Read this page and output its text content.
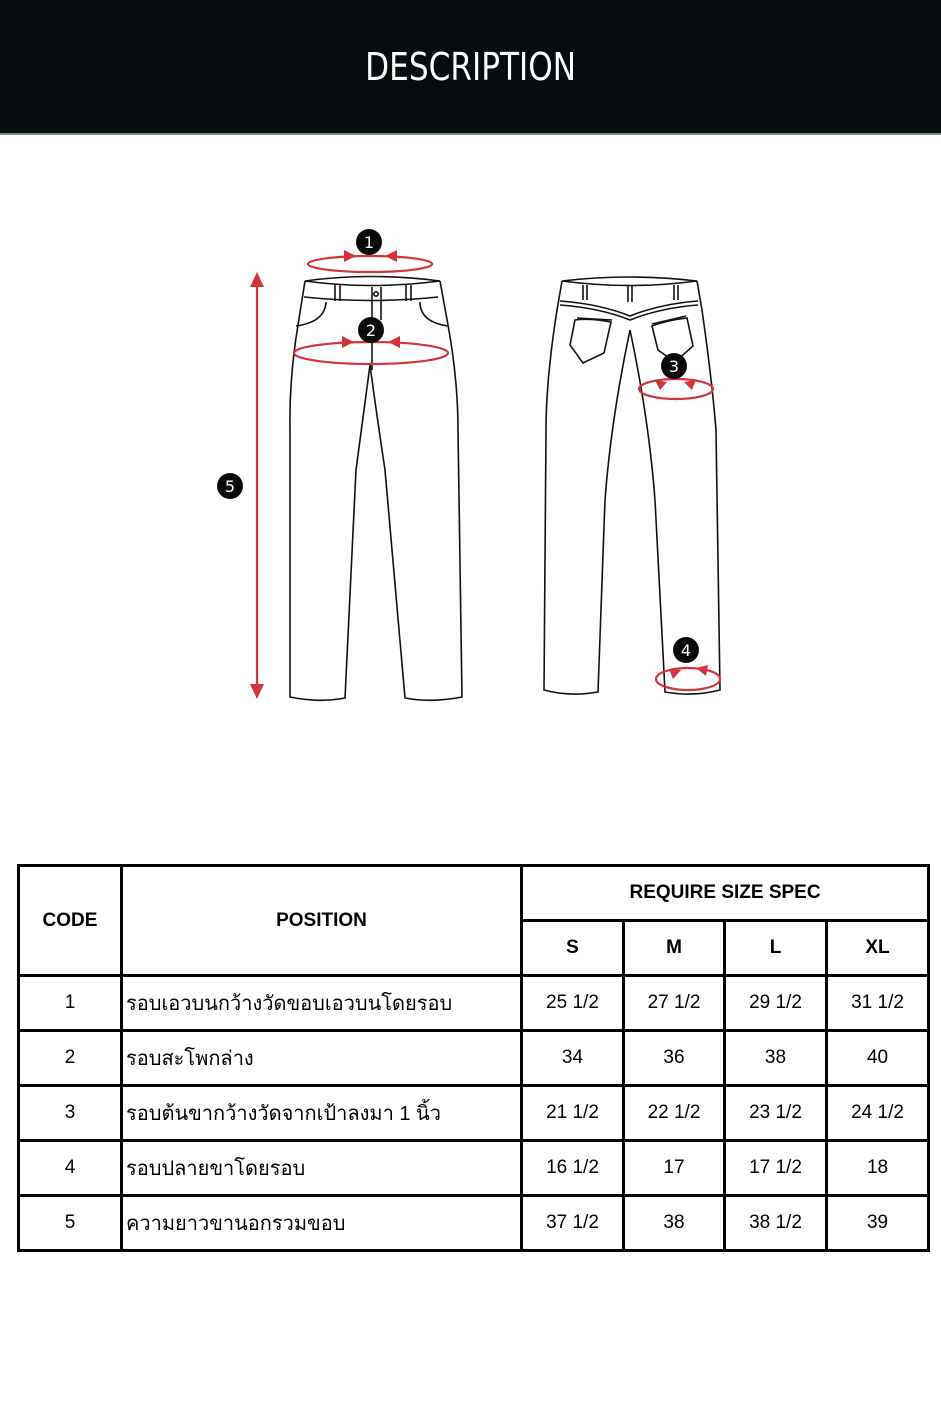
DESCRIPTION
1
2
3
4
5
CODE	POSITION	REQUIRE SIZE SPEC			
		S	M	L	XL
1	รอบเอวบนกว้างวัดขอบเอวบนโดยรอบ	25 1/2	27 1/2	29 1/2	31 1/2
2	รอบสะโพกล่าง	34	36	38	40
3	รอบต้นขากว้างวัดจากเป้าลงมา 1 นิ้ว	21 1/2	22 1/2	23 1/2	24 1/2
4	รอบปลายขาโดยรอบ	16 1/2	17	17 1/2	18
5	ความยาวขานอกรวมขอบ	37 1/2	38	38 1/2	39
